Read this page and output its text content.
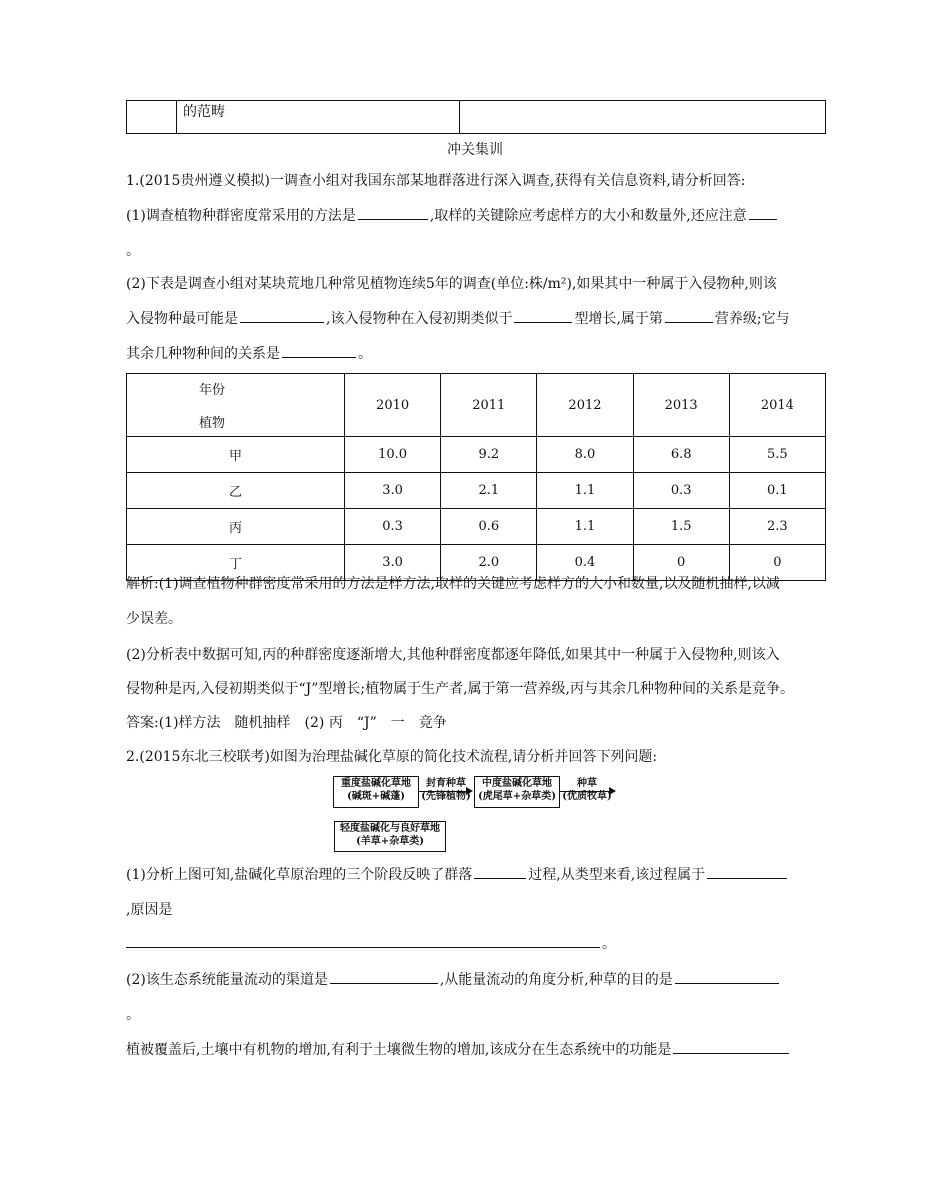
	的范畴	
冲关集训
1.(2015贵州遵义模拟)一调查小组对我国东部某地群落进行深入调查,获得有关信息资料,请分析回答:
(1)调查植物种群密度常采用的方法是	,取样的关键除应考虑样方的大小和数量外,还应注意
。
(2)下表是调查小组对某块荒地几种常见植物连续5年的调查(单位:株/m²),如果其中一种属于入侵物种,则该
入侵物种最可能是	,该入侵物种在入侵初期类似于	型增长,属于第	营养级;它与
其余几种物种间的关系是	。
年份
植物	2010	2011	2012	2013	2014
甲	10.0	9.2	8.0	6.8	5.5
乙	3.0	2.1	1.1	0.3	0.1
丙	0.3	0.6	1.1	1.5	2.3
丁	3.0	2.0	0.4	0	0
解析:(1)调查植物种群密度常采用的方法是样方法,取样的关键应考虑样方的大小和数量,以及随机抽样,以减
少误差。
(2)分析表中数据可知,丙的种群密度逐渐增大,其他种群密度都逐年降低,如果其中一种属于入侵物种,则该入
侵物种是丙,入侵初期类似于“J”型增长;植物属于生产者,属于第一营养级,丙与其余几种物种间的关系是竞争。
答案:(1)样方法　随机抽样　(2) 丙　“J”　一　竞争
2.(2015东北三校联考)如图为治理盐碱化草原的简化技术流程,请分析并回答下列问题:
重度盐碱化草地
(碱斑+碱蓬)
封育种草
(先锋植物)
中度盐碱化草地
(虎尾草+杂草类)
种草
(优质牧草)
轻度盐碱化与良好草地
(羊草+杂草类)
(1)分析上图可知,盐碱化草原治理的三个阶段反映了群落	过程,从类型来看,该过程属于
,原因是
。
(2)该生态系统能量流动的渠道是	,从能量流动的角度分析,种草的目的是
。
植被覆盖后,土壤中有机物的增加,有利于土壤微生物的增加,该成分在生态系统中的功能是
